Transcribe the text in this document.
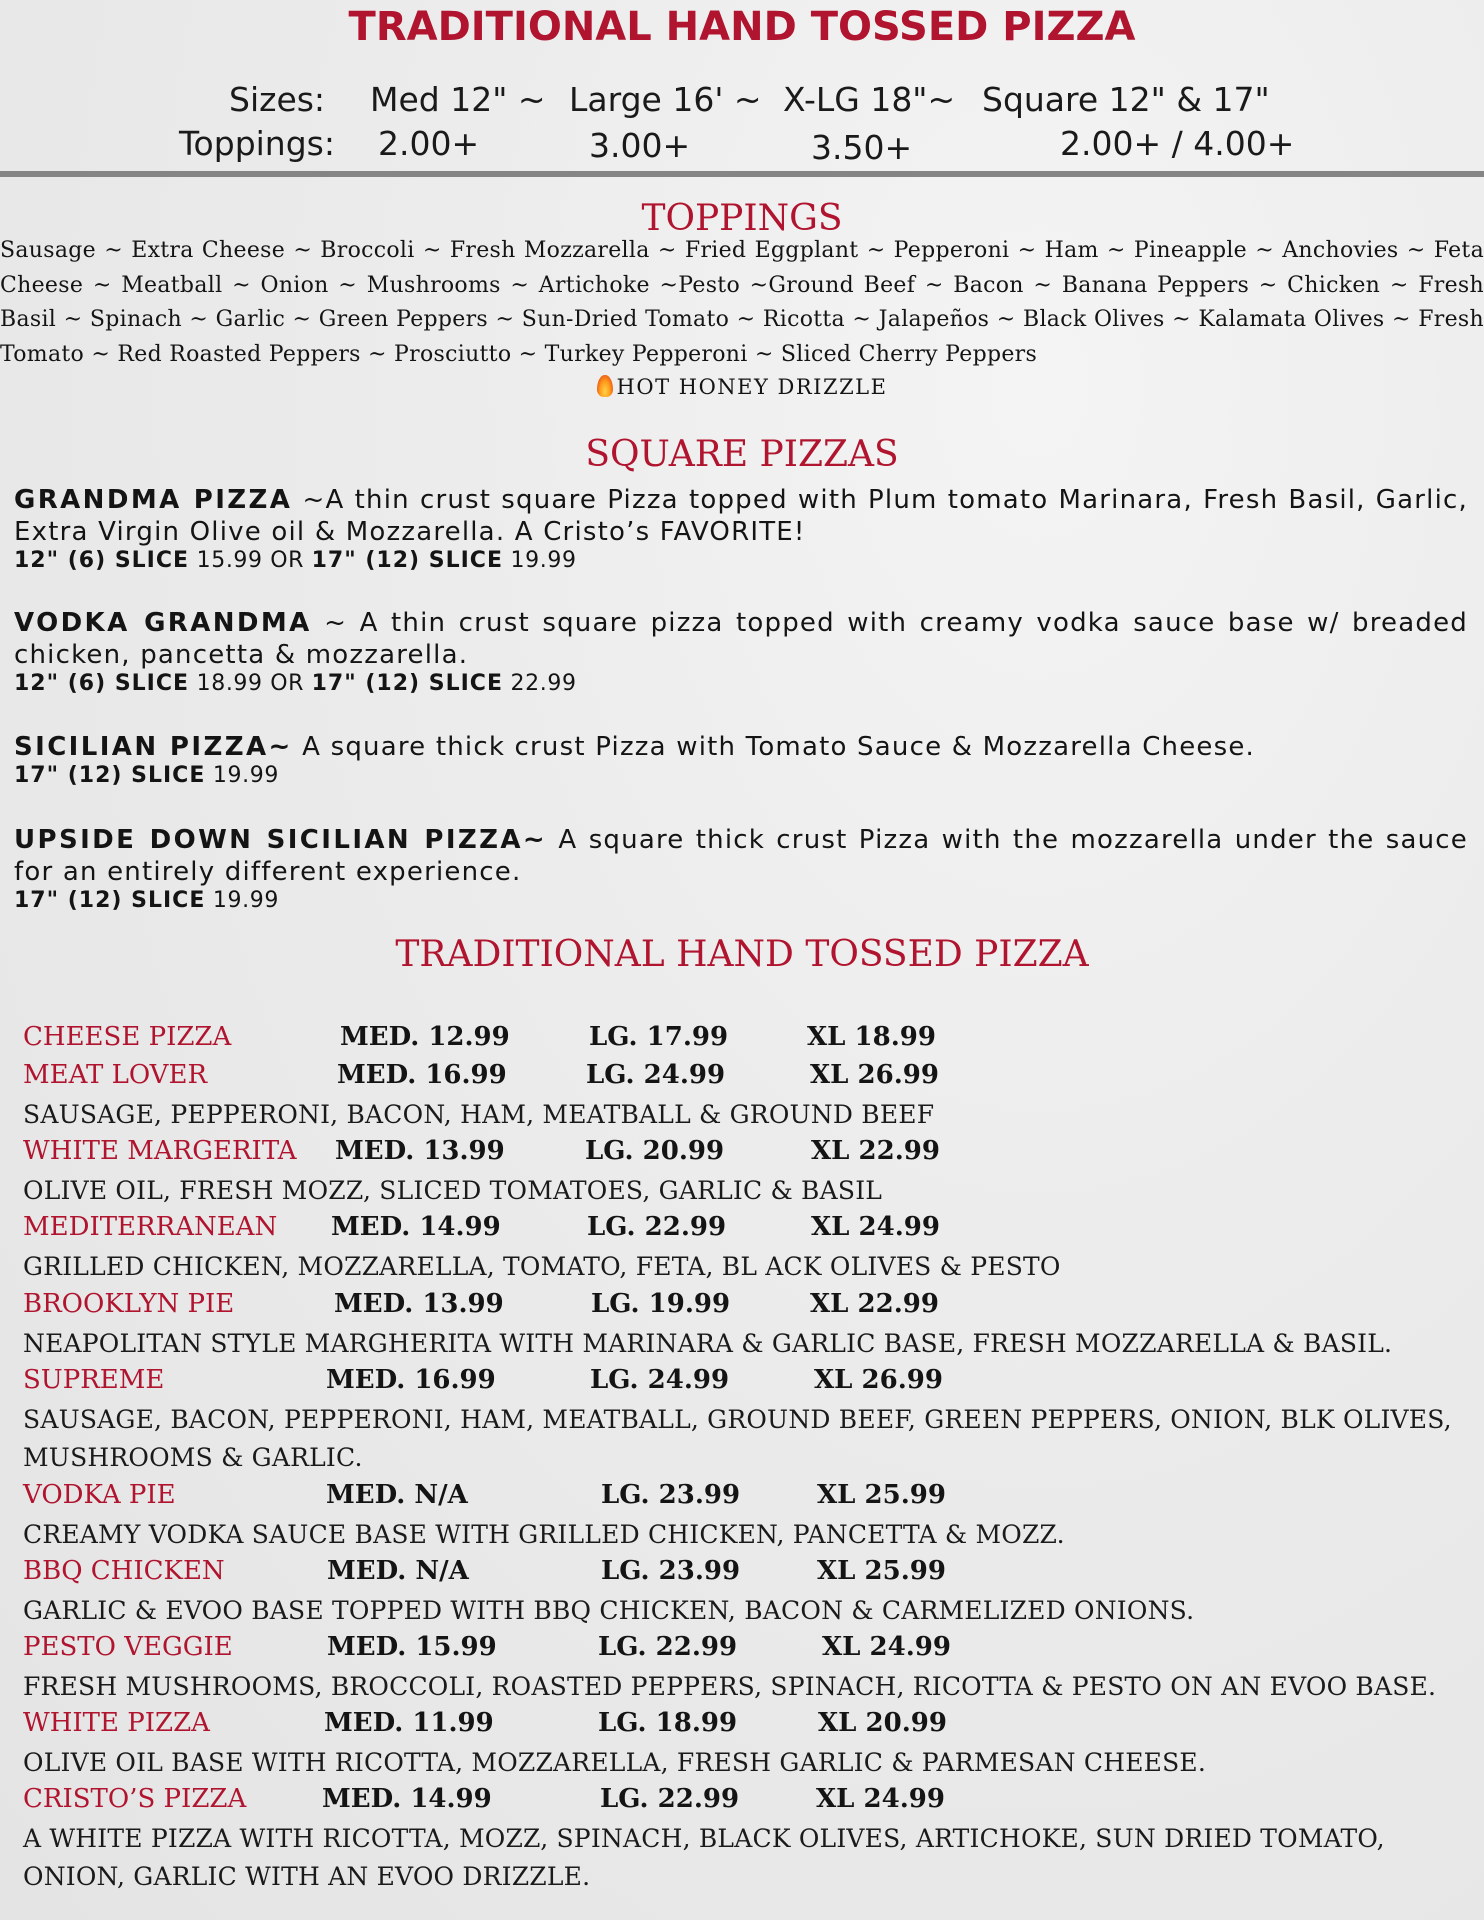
TRADITIONAL HAND TOSSED PIZZA
Sizes: Med 12" ~ Large 16' ~ X-LG 18"~ Square 12" & 17"
Toppings: 2.00+	3.00+	3.50+	2.00+ / 4.00+
TOPPINGS
Sausage ~ Extra Cheese ~ Broccoli ~ Fresh Mozzarella ~ Fried Eggplant ~ Pepperoni ~ Ham ~ Pineapple ~ Anchovies ~ Feta Cheese ~ Meatball ~ Onion ~ Mushrooms ~ Artichoke ~Pesto ~Ground Beef ~ Bacon ~ Banana Peppers ~ Chicken ~ Fresh Basil ~ Spinach ~ Garlic ~ Green Peppers ~ Sun-Dried Tomato ~ Ricotta ~ Jalapeños ~ Black Olives ~ Kalamata Olives ~ Fresh Tomato ~ Red Roasted Peppers ~ Prosciutto ~ Turkey Pepperoni ~ Sliced Cherry Peppers
HOT HONEY DRIZZLE
SQUARE PIZZAS
GRANDMA PIZZA ~A thin crust square Pizza topped with Plum tomato Marinara, Fresh Basil, Garlic, Extra Virgin Olive oil & Mozzarella. A Cristo’s FAVORITE!
12" (6) SLICE 15.99 OR 17" (12) SLICE 19.99
VODKA GRANDMA ~ A thin crust square pizza topped with creamy vodka sauce base w/ breaded chicken, pancetta & mozzarella.
12" (6) SLICE 18.99 OR 17" (12) SLICE 22.99
SICILIAN PIZZA~ A square thick crust Pizza with Tomato Sauce & Mozzarella Cheese.
17" (12) SLICE 19.99
UPSIDE DOWN SICILIAN PIZZA~ A square thick crust Pizza with the mozzarella under the sauce for an entirely different experience.
17" (12) SLICE 19.99
TRADITIONAL HAND TOSSED PIZZA
CHEESE PIZZA	MED. 12.99	LG. 17.99	XL 18.99
MEAT LOVER	MED. 16.99	LG. 24.99	XL 26.99
SAUSAGE, PEPPERONI, BACON, HAM, MEATBALL & GROUND BEEF
WHITE MARGERITA MED. 13.99	LG. 20.99	XL 22.99
OLIVE OIL, FRESH MOZZ, SLICED TOMATOES, GARLIC & BASIL
MEDITERRANEAN MED. 14.99	LG. 22.99	XL 24.99
GRILLED CHICKEN, MOZZARELLA, TOMATO, FETA, BL ACK OLIVES & PESTO
BROOKLYN PIE	MED. 13.99	LG. 19.99	XL 22.99
NEAPOLITAN STYLE MARGHERITA WITH MARINARA & GARLIC BASE, FRESH MOZZARELLA & BASIL.
SUPREME	MED. 16.99	LG. 24.99	XL 26.99
SAUSAGE, BACON, PEPPERONI, HAM, MEATBALL, GROUND BEEF, GREEN PEPPERS, ONION, BLK OLIVES, MUSHROOMS & GARLIC.
VODKA PIE	MED. N/A	LG. 23.99	XL 25.99
CREAMY VODKA SAUCE BASE WITH GRILLED CHICKEN, PANCETTA & MOZZ.
BBQ CHICKEN	MED. N/A	LG. 23.99	XL 25.99
GARLIC & EVOO BASE TOPPED WITH BBQ CHICKEN, BACON & CARMELIZED ONIONS.
PESTO VEGGIE	MED. 15.99	LG. 22.99	XL 24.99
FRESH MUSHROOMS, BROCCOLI, ROASTED PEPPERS, SPINACH, RICOTTA & PESTO ON AN EVOO BASE.
WHITE PIZZA	MED. 11.99	LG. 18.99	XL 20.99
OLIVE OIL BASE WITH RICOTTA, MOZZARELLA, FRESH GARLIC & PARMESAN CHEESE.
CRISTO’S PIZZA	MED. 14.99	LG. 22.99	XL 24.99
A WHITE PIZZA WITH RICOTTA, MOZZ, SPINACH, BLACK OLIVES, ARTICHOKE, SUN DRIED TOMATO, ONION, GARLIC WITH AN EVOO DRIZZLE.
